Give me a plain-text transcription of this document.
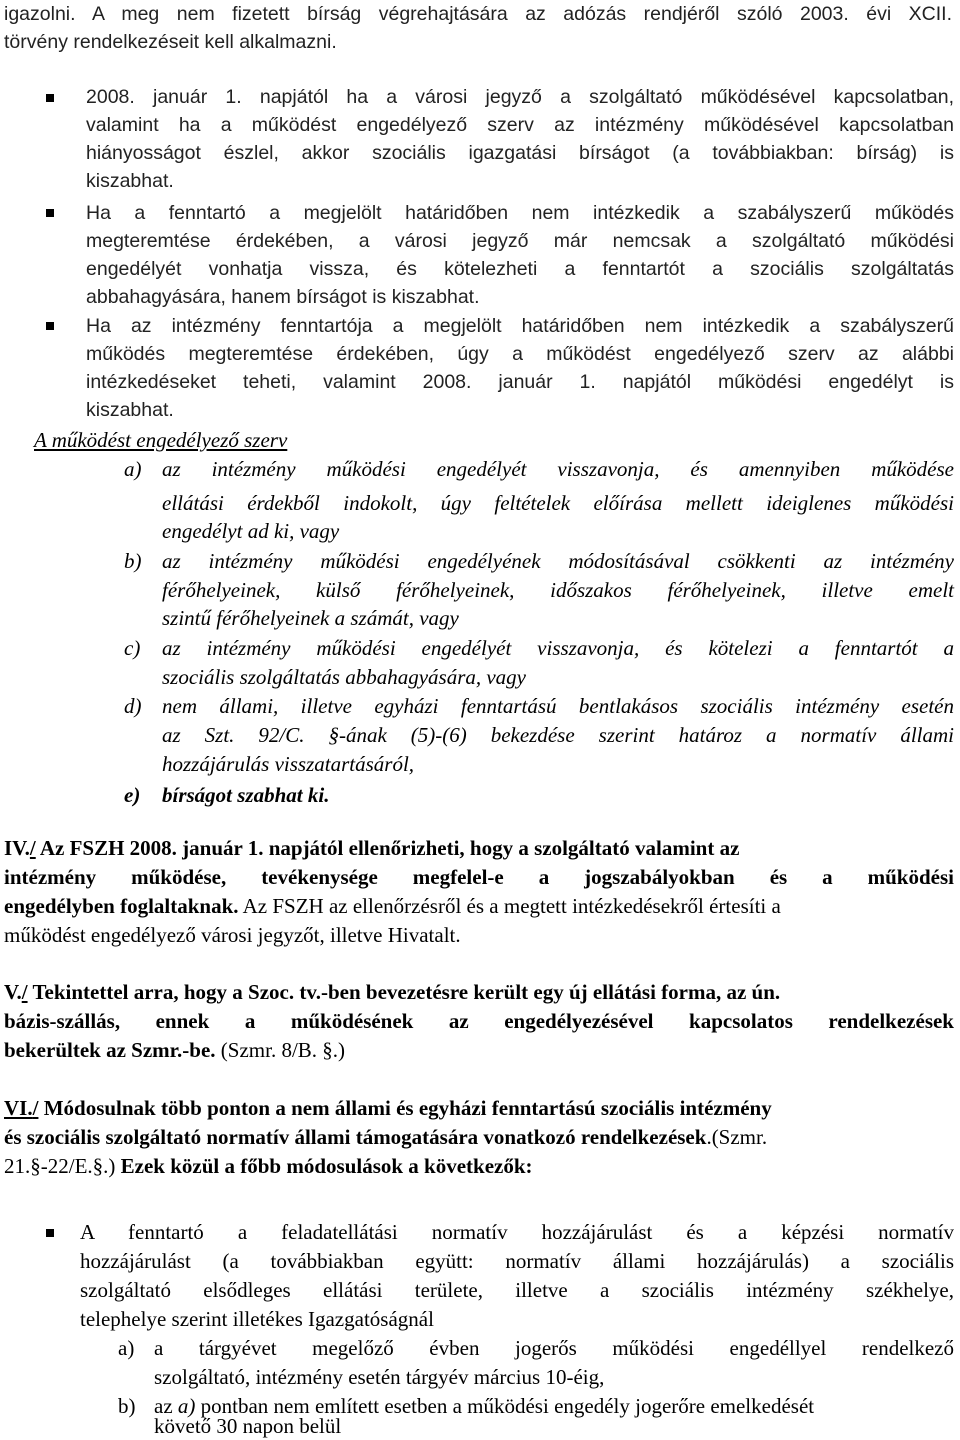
igazolni. A meg nem fizetett bírság végrehajtására az adózás rendjéről szóló 2003. évi XCII.
törvény rendelkezéseit kell alkalmazni.
2008. január 1. napjától ha a városi jegyző a szolgáltató működésével kapcsolatban,
valamint ha a működést engedélyező szerv az intézmény működésével kapcsolatban
hiányosságot észlel, akkor szociális igazgatási bírságot (a továbbiakban: bírság) is
kiszabhat.
Ha a fenntartó a megjelölt határidőben nem intézkedik a szabályszerű működés
megteremtése érdekében, a városi jegyző már nemcsak a szolgáltató működési
engedélyét vonhatja vissza, és kötelezheti a fenntartót a szociális szolgáltatás
abbahagyására, hanem bírságot is kiszabhat.
Ha az intézmény fenntartója a megjelölt határidőben nem intézkedik a szabályszerű
működés megteremtése érdekében, úgy a működést engedélyező szerv az alábbi
intézkedéseket teheti, valamint 2008. január 1. napjától működési engedélyt is
kiszabhat.
A működést engedélyező szerv
a) az intézmény működési engedélyét visszavonja, és amennyiben működése
ellátási érdekből indokolt, úgy feltételek előírása mellett ideiglenes működési
engedélyt ad ki, vagy
b) az intézmény működési engedélyének módosításával csökkenti az intézmény
férőhelyeinek, külső férőhelyeinek, időszakos férőhelyeinek, illetve emelt
szintű férőhelyeinek a számát, vagy
c) az intézmény működési engedélyét visszavonja, és kötelezi a fenntartót a
szociális szolgáltatás abbahagyására, vagy
d) nem állami, illetve egyházi fenntartású bentlakásos szociális intézmény esetén
az Szt. 92/C. §-ának (5)-(6) bekezdése szerint határoz a normatív állami
hozzájárulás visszatartásáról,
e) bírságot szabhat ki.
IV./ Az FSZH 2008. január 1. napjától ellenőrizheti, hogy a szolgáltató valamint az
intézmény működése, tevékenysége megfelel-e a jogszabályokban és a működési
engedélyben foglaltaknak. Az FSZH az ellenőrzésről és a megtett intézkedésekről értesíti a
működést engedélyező városi jegyzőt, illetve Hivatalt.
V./ Tekintettel arra, hogy a Szoc. tv.-ben bevezetésre került egy új ellátási forma, az ún.
bázis-szállás, ennek a működésének az engedélyezésével kapcsolatos rendelkezések
bekerültek az Szmr.-be. (Szmr. 8/B. §.)
VI./ Módosulnak több ponton a nem állami és egyházi fenntartású szociális intézmény
és szociális szolgáltató normatív állami támogatására vonatkozó rendelkezések.(Szmr.
21.§-22/E.§.) Ezek közül a főbb módosulások a következők:
A fenntartó a feladatellátási normatív hozzájárulást és a képzési normatív
hozzájárulást (a továbbiakban együtt: normatív állami hozzájárulás) a szociális
szolgáltató elsődleges ellátási területe, illetve a szociális intézmény székhelye,
telephelye szerint illetékes Igazgatóságnál
a) a tárgyévet megelőző évben jogerős működési engedéllyel rendelkező
szolgáltató, intézmény esetén tárgyév március 10-éig,
b) az a) pontban nem említett esetben a működési engedély jogerőre emelkedését
követő 30 napon belül
